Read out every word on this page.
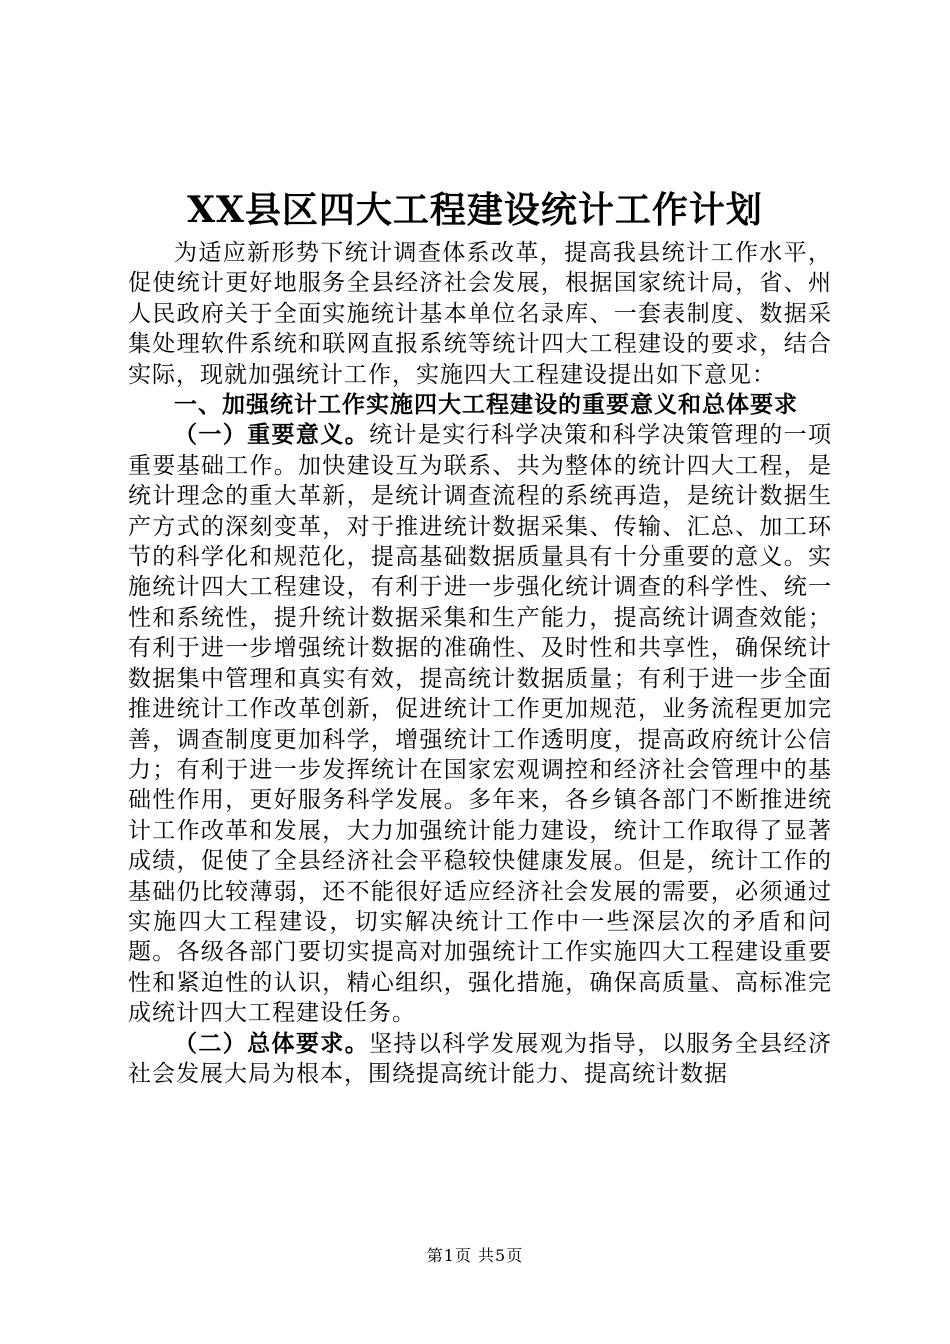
XX县区四大工程建设统计工作计划

为适应新形势下统计调查体系改革，提高我县统计工作水平，促使统计更好地服务全县经济社会发展，根据国家统计局，省、州人民政府关于全面实施统计基本单位名录库、一套表制度、数据采集处理软件系统和联网直报系统等统计四大工程建设的要求，结合实际，现就加强统计工作，实施四大工程建设提出如下意见：

一、加强统计工作实施四大工程建设的重要意义和总体要求

（一）重要意义。统计是实行科学决策和科学决策管理的一项重要基础工作。加快建设互为联系、共为整体的统计四大工程，是统计理念的重大革新，是统计调查流程的系统再造，是统计数据生产方式的深刻变革，对于推进统计数据采集、传输、汇总、加工环节的科学化和规范化，提高基础数据质量具有十分重要的意义。实施统计四大工程建设，有利于进一步强化统计调查的科学性、统一性和系统性，提升统计数据采集和生产能力，提高统计调查效能；有利于进一步增强统计数据的准确性、及时性和共享性，确保统计数据集中管理和真实有效，提高统计数据质量；有利于进一步全面推进统计工作改革创新，促进统计工作更加规范，业务流程更加完善，调查制度更加科学，增强统计工作透明度，提高政府统计公信力；有利于进一步发挥统计在国家宏观调控和经济社会管理中的基础性作用，更好服务科学发展。多年来，各乡镇各部门不断推进统计工作改革和发展，大力加强统计能力建设，统计工作取得了显著成绩，促使了全县经济社会平稳较快健康发展。但是，统计工作的基础仍比较薄弱，还不能很好适应经济社会发展的需要，必须通过实施四大工程建设，切实解决统计工作中一些深层次的矛盾和问题。各级各部门要切实提高对加强统计工作实施四大工程建设重要性和紧迫性的认识，精心组织，强化措施，确保高质量、高标准完成统计四大工程建设任务。

（二）总体要求。坚持以科学发展观为指导，以服务全县经济社会发展大局为根本，围绕提高统计能力、提高统计数据

第1页 共5页
